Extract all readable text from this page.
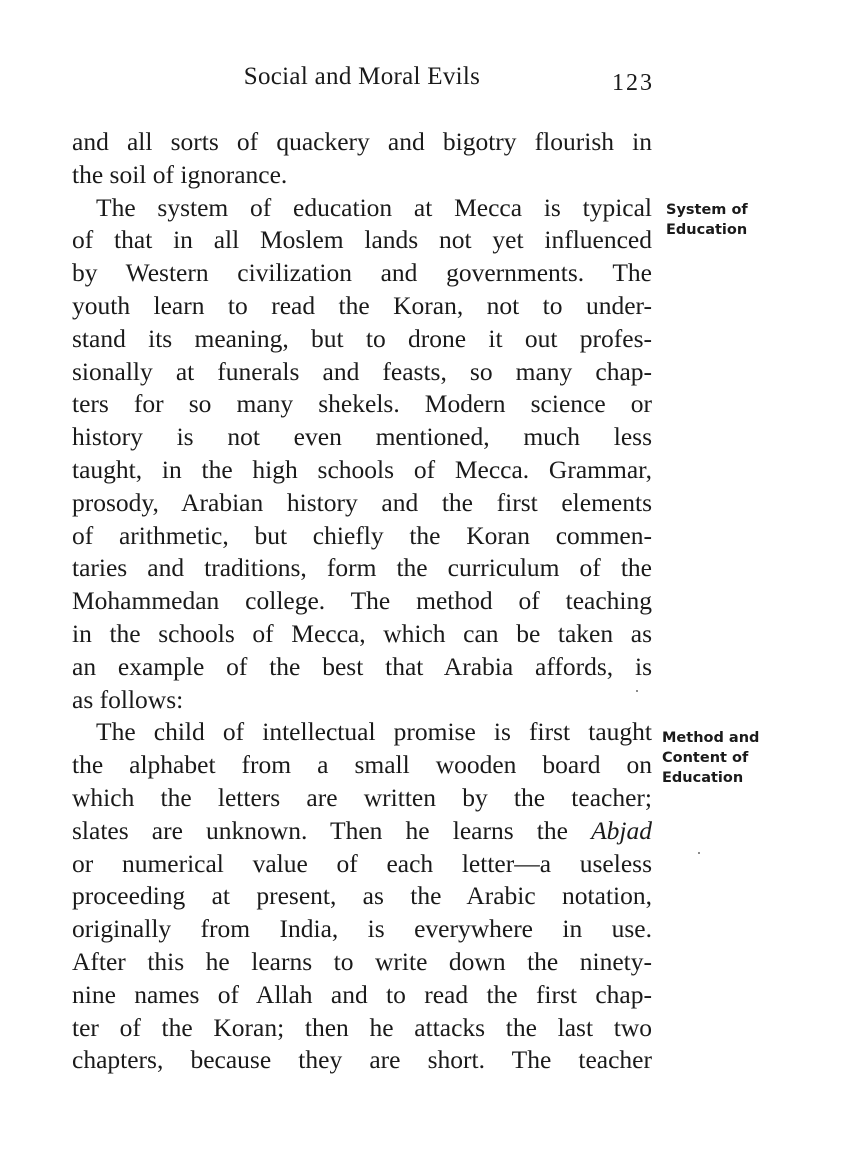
Social and Moral Evils	123
and all sorts of quackery and bigotry flourish in
the soil of ignorance.
The system of education at Mecca is typical
of that in all Moslem lands not yet influenced
by Western civilization and governments. The
youth learn to read the Koran, not to under-
stand its meaning, but to drone it out profes-
sionally at funerals and feasts, so many chap-
ters for so many shekels. Modern science or
history is not even mentioned, much less
taught, in the high schools of Mecca. Grammar,
prosody, Arabian history and the first elements
of arithmetic, but chiefly the Koran commen-
taries and traditions, form the curriculum of the
Mohammedan college. The method of teaching
in the schools of Mecca, which can be taken as
an example of the best that Arabia affords, is
as follows:
The child of intellectual promise is first taught
the alphabet from a small wooden board on
which the letters are written by the teacher;
slates are unknown. Then he learns the Abjad
or numerical value of each letter—a useless
proceeding at present, as the Arabic notation,
originally from India, is everywhere in use.
After this he learns to write down the ninety-
nine names of Allah and to read the first chap-
ter of the Koran; then he attacks the last two
chapters, because they are short. The teacher
System of
Education
Method and
Content of
Education
